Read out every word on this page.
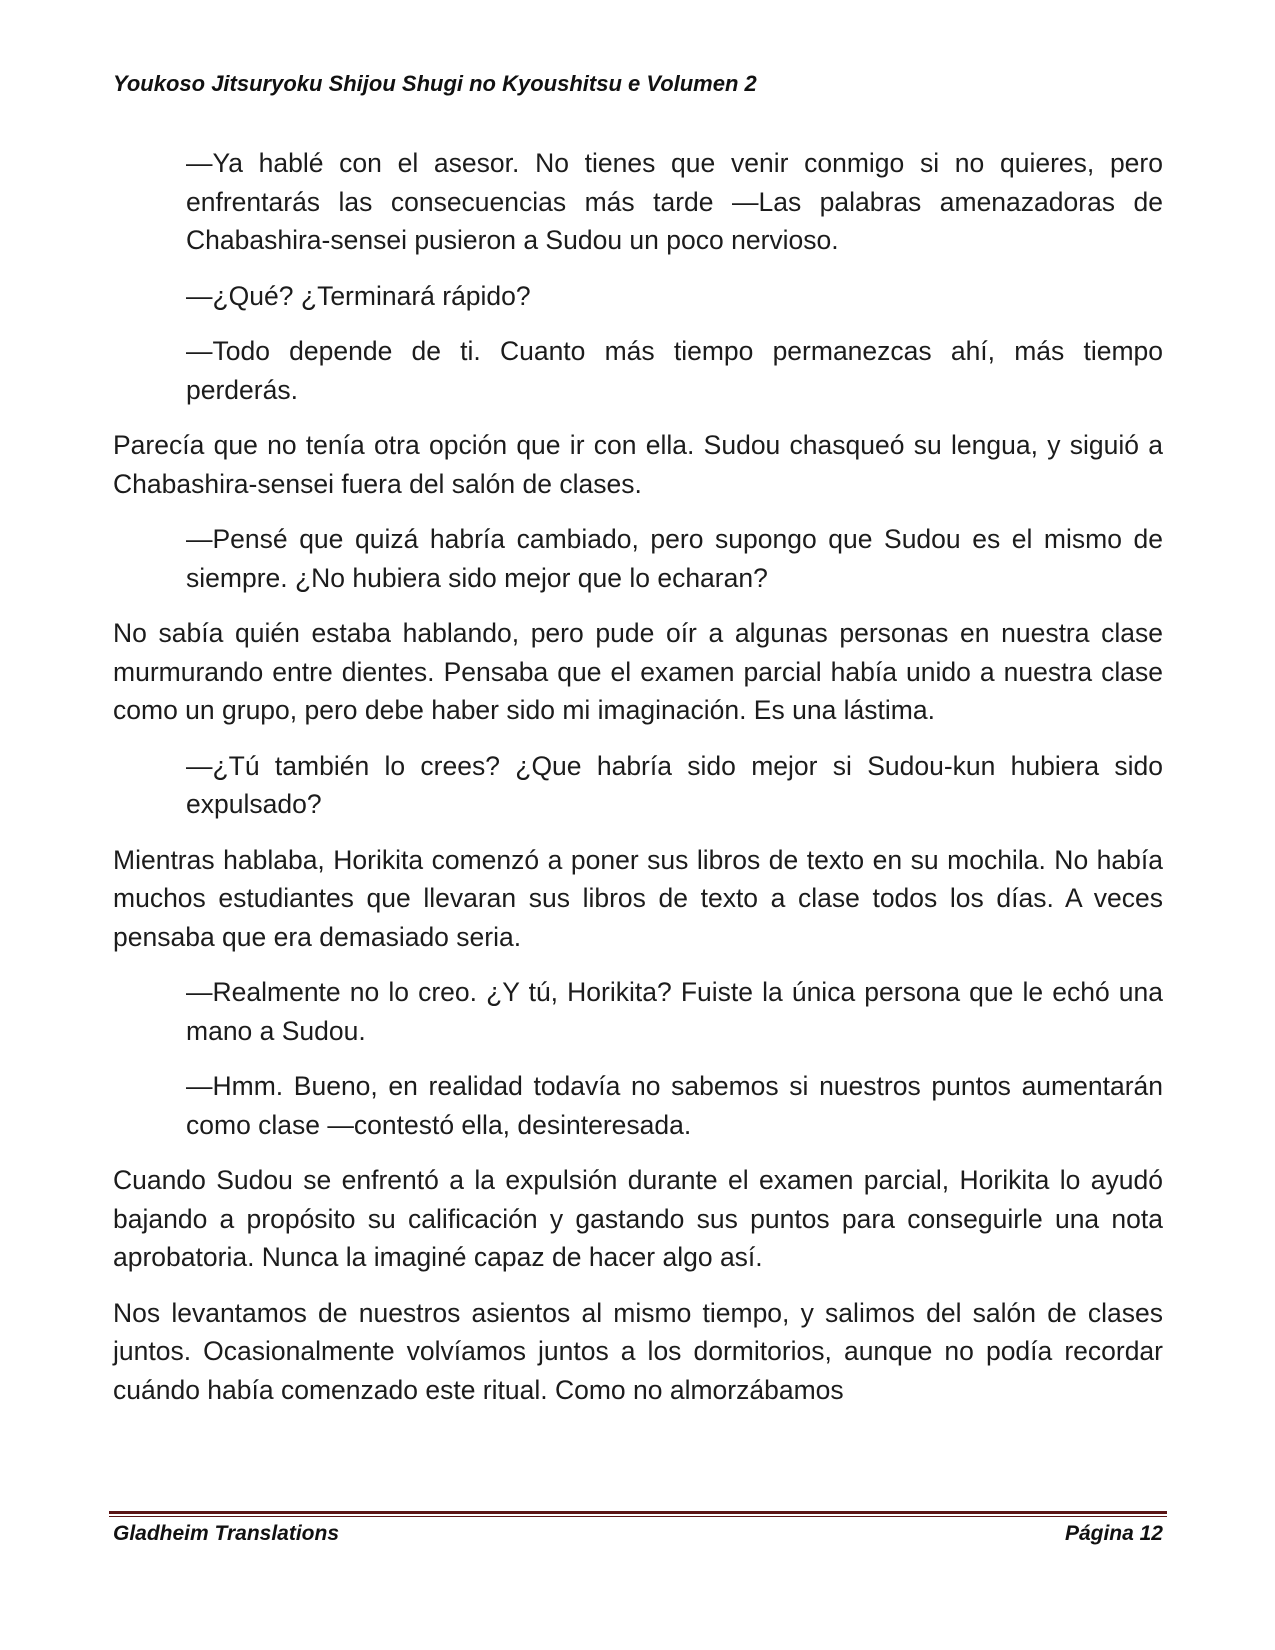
Youkoso Jitsuryoku Shijou Shugi no Kyoushitsu e Volumen 2

—Ya hablé con el asesor. No tienes que venir conmigo si no quieres, pero enfrentarás las consecuencias más tarde —Las palabras amenazadoras de Chabashira-sensei pusieron a Sudou un poco nervioso.

—¿Qué? ¿Terminará rápido?

—Todo depende de ti. Cuanto más tiempo permanezcas ahí, más tiempo perderás.

Parecía que no tenía otra opción que ir con ella. Sudou chasqueó su lengua, y siguió a Chabashira-sensei fuera del salón de clases.

—Pensé que quizá habría cambiado, pero supongo que Sudou es el mismo de siempre. ¿No hubiera sido mejor que lo echaran?

No sabía quién estaba hablando, pero pude oír a algunas personas en nuestra clase murmurando entre dientes. Pensaba que el examen parcial había unido a nuestra clase como un grupo, pero debe haber sido mi imaginación. Es una lástima.

—¿Tú también lo crees? ¿Que habría sido mejor si Sudou-kun hubiera sido expulsado?

Mientras hablaba, Horikita comenzó a poner sus libros de texto en su mochila. No había muchos estudiantes que llevaran sus libros de texto a clase todos los días. A veces pensaba que era demasiado seria.

—Realmente no lo creo. ¿Y tú, Horikita? Fuiste la única persona que le echó una mano a Sudou.

—Hmm. Bueno, en realidad todavía no sabemos si nuestros puntos aumentarán como clase —contestó ella, desinteresada.

Cuando Sudou se enfrentó a la expulsión durante el examen parcial, Horikita lo ayudó bajando a propósito su calificación y gastando sus puntos para conseguirle una nota aprobatoria. Nunca la imaginé capaz de hacer algo así.

Nos levantamos de nuestros asientos al mismo tiempo, y salimos del salón de clases juntos. Ocasionalmente volvíamos juntos a los dormitorios, aunque no podía recordar cuándo había comenzado este ritual. Como no almorzábamos

Gladheim Translations	Página 12
